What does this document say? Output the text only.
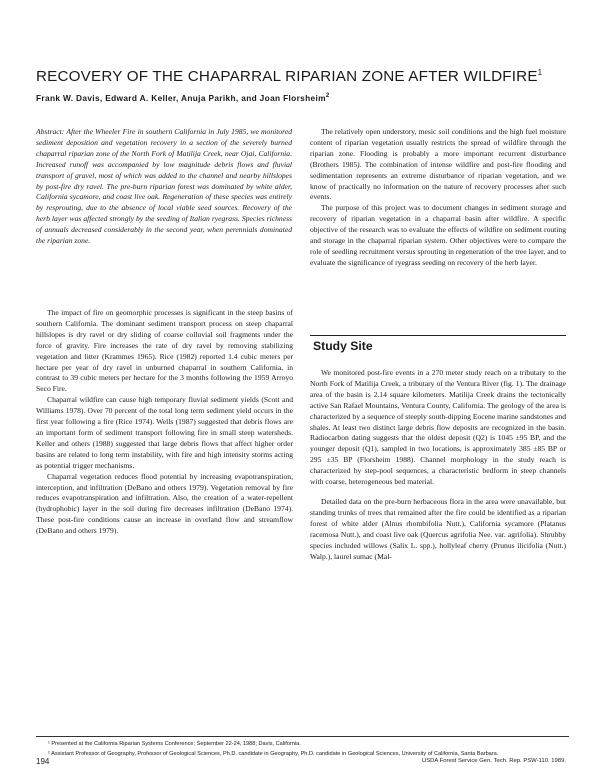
RECOVERY OF THE CHAPARRAL RIPARIAN ZONE AFTER WILDFIRE$^1$
Frank W. Davis, Edward A. Keller, Anuja Parikh, and Joan Florsheim$^2$
Abstract: After the Wheeler Fire in southern California in July 1985, we monitored sediment deposition and vegetation recovery in a section of the severely burned chaparral riparian zone of the North Fork of Matilija Creek, near Ojai, California. Increased runoff was accompanied by low magnitude debris flows and fluvial transport of gravel, most of which was added to the channel and nearby hillslopes by post-fire dry ravel. The pre-burn riparian forest was dominated by white alder, California sycamore, and coast live oak. Regeneration of these species was entirely by resprouting, due to the absence of local viable seed sources. Recovery of the herb layer was affected strongly by the seeding of Italian ryegrass. Species richness of annuals decreased considerably in the second year, when perennials dominated the riparian zone.

The impact of fire on geomorphic processes is significant in the steep basins of southern California. The dominant sediment transport process on steep chaparral hillslopes is dry ravel or dry sliding of coarse colluvial soil fragments under the force of gravity. Fire increases the rate of dry ravel by removing stabilizing vegetation and litter (Krammes 1965). Rice (1982) reported 1.4 cubic meters per hectare per year of dry ravel in unburned chaparral in southern California, in contrast to 39 cubic meters per hectare for the 3 months following the 1959 Arroyo Seco Fire.

Chaparral wildfire can cause high temporary fluvial sediment yields (Scott and Williams 1978). Over 70 percent of the total long term sediment yield occurs in the first year following a fire (Rice 1974). Wells (1987) suggested that debris flows are an important form of sediment transport following fire in small steep watersheds. Keller and others (1988) suggested that large debris flows that affect higher order basins are related to long term instability, with fire and high intensity storms acting as potential trigger mechanisms.

Chaparral vegetation reduces flood potential by increasing evapotranspiration, interception, and infiltration (DeBano and others 1979). Vegetation removal by fire reduces evapotranspiration and infiltration. Also, the creation of a water-repellent (hydrophobic) layer in the soil during fire decreases infiltration (DeBano 1974). These post-fire conditions cause an increase in overland flow and streamflow (DeBano and others 1979).

The relatively open understory, mesic soil conditions and the high fuel moisture content of riparian vegetation usually restricts the spread of wildfire through the riparian zone. Flooding is probably a more important recurrent disturbance (Brothers 1985). The combination of intense wildfire and post-fire flooding and sedimentation represents an extreme disturbance of riparian vegetation, and we know of practically no information on the nature of recovery processes after such events.

The purpose of this project was to document changes in sediment storage and recovery of riparian vegetation in a chaparral basin after wildfire. A specific objective of the research was to evaluate the effects of wildfire on sediment routing and storage in the chaparral riparian system. Other objectives were to compare the role of seedling recruitment versus sprouting in regeneration of the tree layer, and to evaluate the significance of ryegrass seeding on recovery of the herb layer.

Study Site

We monitored post-fire events in a 270 meter study reach on a tributary to the North Fork of Matilija Creek, a tributary of the Ventura River (fig. 1). The drainage area of the basin is 2.14 square kilometers. Matilija Creek drains the tectonically active San Rafael Mountains, Ventura County, California. The geology of the area is characterized by a sequence of steeply south-dipping Eocene marine sandstones and shales. At least two distinct large debris flow deposits are recognized in the basin. Radiocarbon dating suggests that the oldest deposit (Q2) is 1045 ±95 BP, and the younger deposit (Q1), sampled in two locations, is approximately 385 ±85 BP or 295 ±35 BP (Florsheim 1988). Channel morphology in the study reach is characterized by step-pool sequences, a characteristic bedform in steep channels with coarse, heterogeneous bed material.

Detailed data on the pre-burn herbaceous flora in the area were unavailable, but standing trunks of trees that remained after the fire could be identified as a riparian forest of white alder (Alnus rhombifolia Nutt.), California sycamore (Platanus racemosa Nutt.), and coast live oak (Quercus agrifolia Nee. var. agrifolia). Shrubby species included willows (Salix L. spp.), hollyleaf cherry (Prunus ilicifolia (Nutt.) Walp.), laurel sumac (Mal-

¹ Presented at the California Riparian Systems Conference; September 22-24, 1988; Davis, California.

² Assistant Professor of Geography, Professor of Geological Sciences, Ph.D. candidate in Geography, Ph.D. candidate in Geological Sciences, University of California, Santa Barbara.

194	USDA Forest Service Gen. Tech. Rep. PSW-110. 1989.
